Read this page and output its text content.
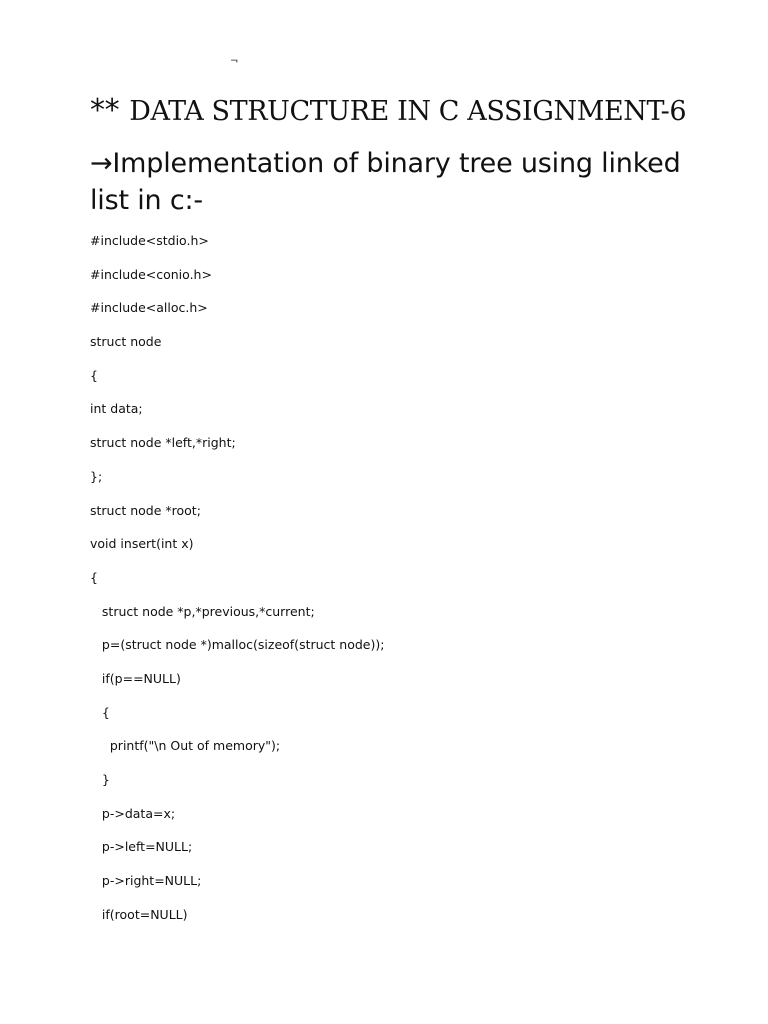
¬
** DATA STRUCTURE IN C ASSIGNMENT-6
→Implementation of binary tree using linked list in c:-
#include<stdio.h>
#include<conio.h>
#include<alloc.h>
struct node
{
int data;
struct node *left,*right;
};
struct node *root;
void insert(int x)
{
struct node *p,*previous,*current;
p=(struct node *)malloc(sizeof(struct node));
if(p==NULL)
{
printf("\n Out of memory");
}
p->data=x;
p->left=NULL;
p->right=NULL;
if(root=NULL)
